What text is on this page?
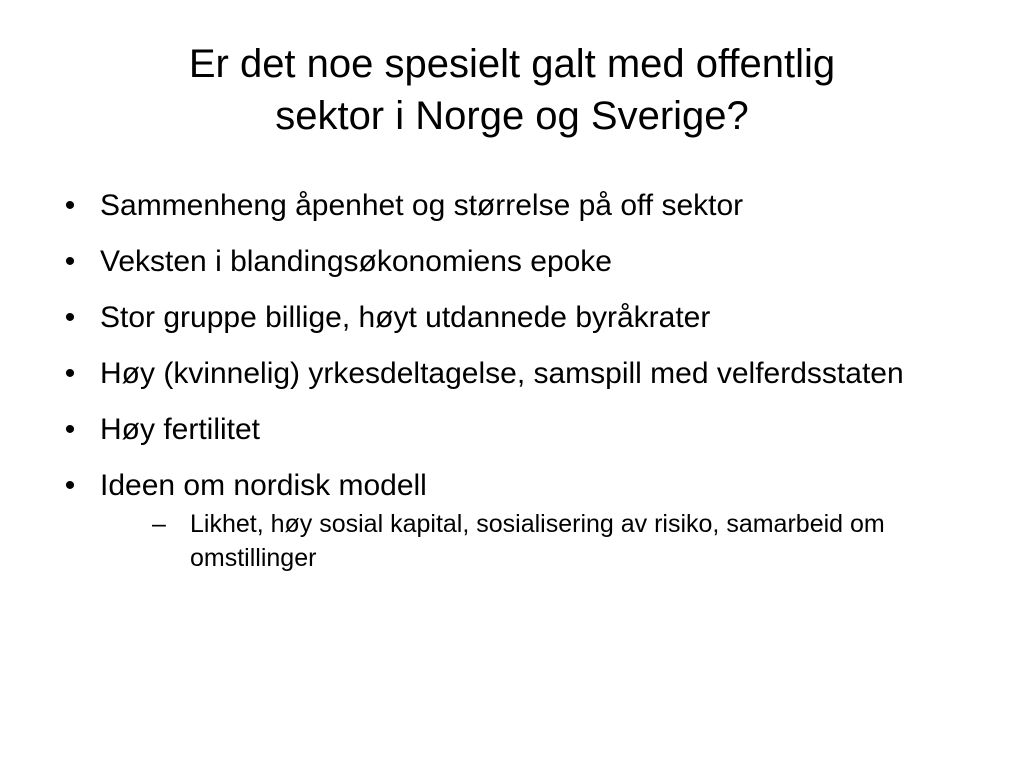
Er det noe spesielt galt med offentlig
sektor i Norge og Sverige?
• Sammenheng åpenhet og størrelse på off sektor
• Veksten i blandingsøkonomiens epoke
• Stor gruppe billige, høyt utdannede byråkrater
• Høy (kvinnelig) yrkesdeltagelse, samspill med velferdsstaten
• Høy fertilitet
• Ideen om nordisk modell
– Likhet, høy sosial kapital, sosialisering av risiko, samarbeid om omstillinger
